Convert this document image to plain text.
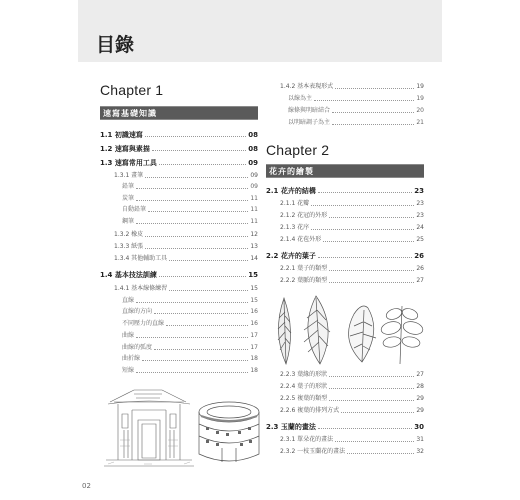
目錄
Chapter 1
速寫基礎知識
1.1 初識速寫	08
1.2 速寫與素描	08
1.3 速寫常用工具	09
1.3.1 畫筆	09
鉛筆	09
炭筆	11
自動鉛筆	11
鋼筆	11
1.3.2 橡皮	12
1.3.3 紙張	13
1.3.4 其他輔助工具	14
1.4 基本技法訓練	15
1.4.1 基本線條練習	15
直線	15
直線的方向	16
不同壓力的直線	16
曲線	17
曲線的弧度	17
曲折線	18
短線	18
1.4.2 基本表現形式	19
以線為主	19
線條與明暗結合	20
以明暗調子為主	21
Chapter 2
花卉的繪製
2.1 花卉的結構	23
2.1.1 花瓣	23
2.1.2 花冠的外形	23
2.1.3 花序	24
2.1.4 花苞外形	25
2.2 花卉的葉子	26
2.2.1 葉子的類型	26
2.2.2 葉脈的類型	27
2.2.3 葉緣的形狀	27
2.2.4 葉子的形狀	28
2.2.5 複葉的類型	29
2.2.6 複葉的排列方式	29
2.3 玉蘭的畫法	30
2.3.1 單朵花的畫法	31
2.3.2 一枝玉蘭花的畫法	32
02
